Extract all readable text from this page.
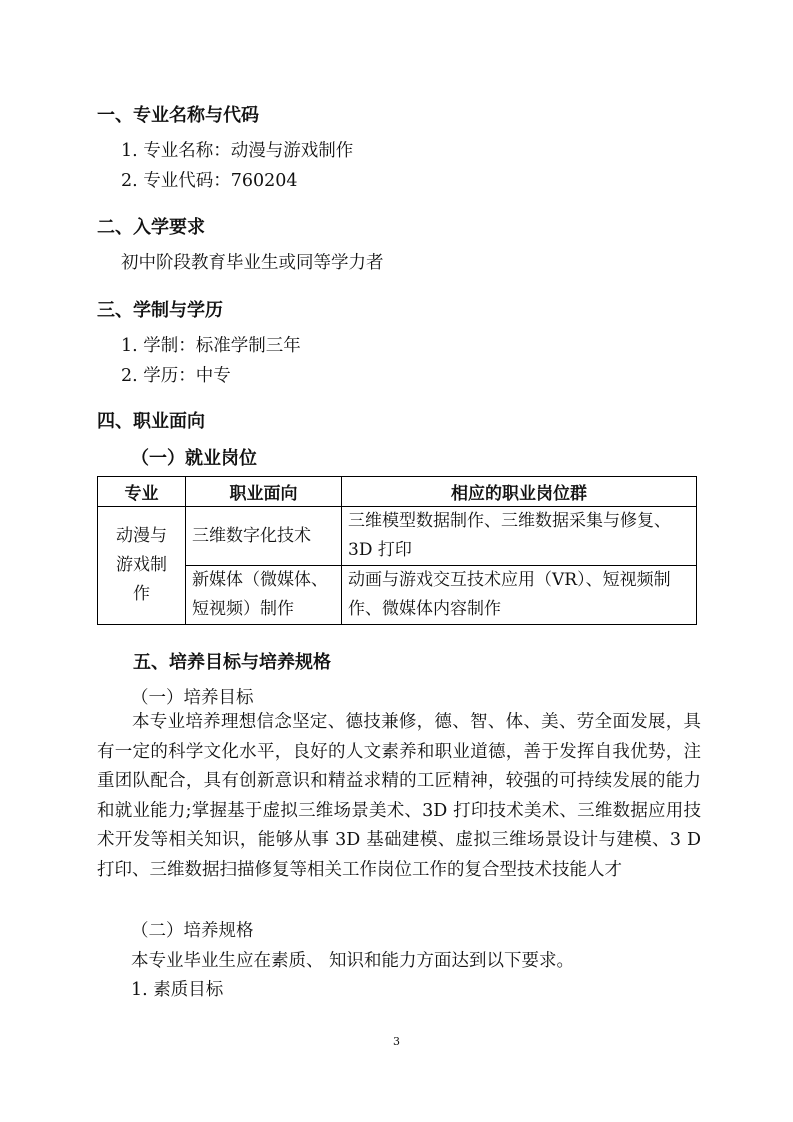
一、专业名称与代码
1. 专业名称：动漫与游戏制作
2. 专业代码：760204
二、入学要求
初中阶段教育毕业生或同等学力者
三、学制与学历
1. 学制：标准学制三年
2. 学历：中专
四、职业面向
（一）就业岗位
专业	职业面向	相应的职业岗位群
动漫与游戏制作	三维数字化技术	三维模型数据制作、三维数据采集与修复、3D 打印
	新媒体（微媒体、短视频）制作	动画与游戏交互技术应用（VR）、短视频制作、微媒体内容制作
五、培养目标与培养规格
（一）培养目标
本专业培养理想信念坚定、德技兼修，德、智、体、美、劳全面发展，具有一定的科学文化水平，良好的人文素养和职业道德，善于发挥自我优势，注重团队配合，具有创新意识和精益求精的工匠精神，较强的可持续发展的能力和就业能力;掌握基于虚拟三维场景美术、3D 打印技术美术、三维数据应用技术开发等相关知识，能够从事 3D 基础建模、虚拟三维场景设计与建模、3 D 打印、三维数据扫描修复等相关工作岗位工作的复合型技术技能人才
（二）培养规格
本专业毕业生应在素质、 知识和能力方面达到以下要求。
1. 素质目标
3
